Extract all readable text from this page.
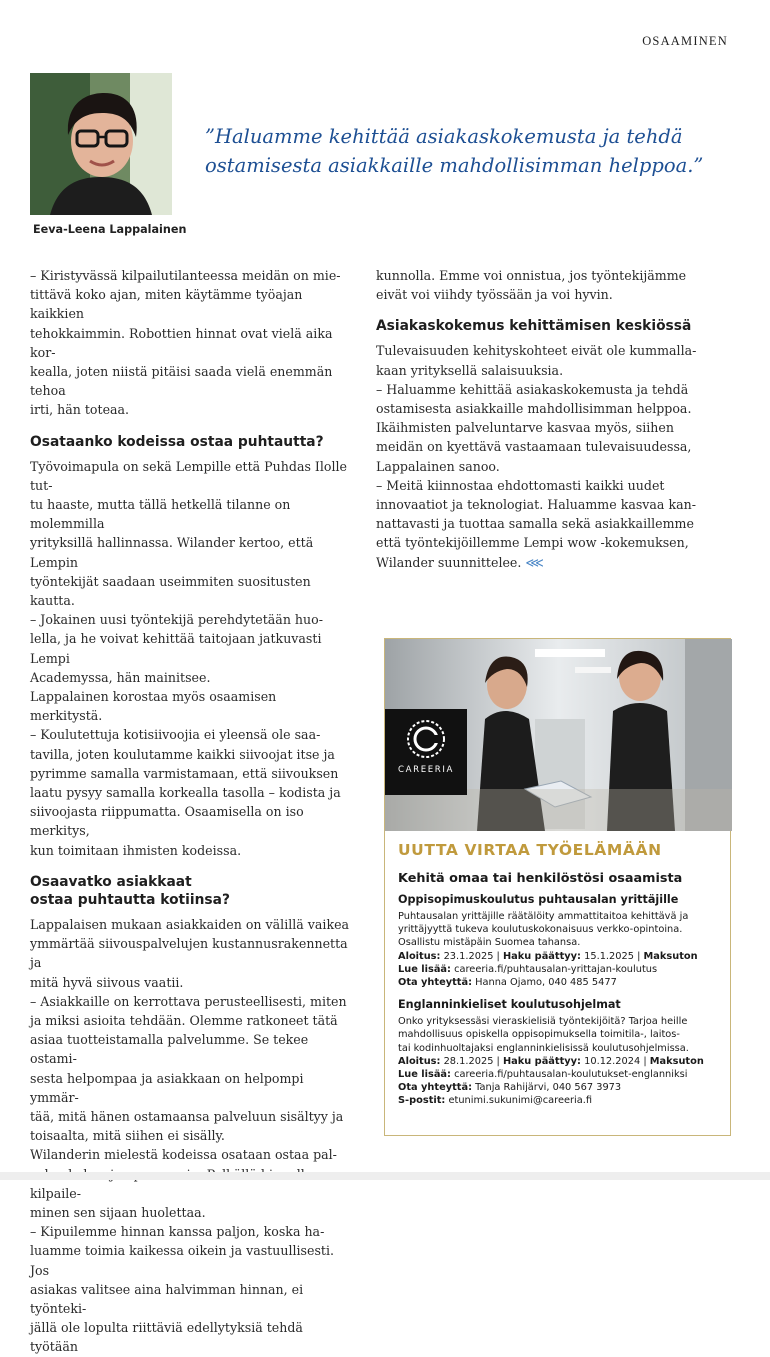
OSAAMINEN
Eeva-Leena Lappalainen
”Haluamme kehittää asiakaskokemusta ja tehdä
ostamisesta asiakkaille mahdollisimman helppoa.”

– Kiristyvässä kilpailutilanteessa meidän on mie-
tittävä koko ajan, miten käytämme työajan kaikkien
tehokkaimmin. Robottien hinnat ovat vielä aika kor-
kealla, joten niistä pitäisi saada vielä enemmän tehoa
irti, hän toteaa.

Osataanko kodeissa ostaa puhtautta?

Työvoimapula on sekä Lempille että Puhdas Ilolle tut-
tu haaste, mutta tällä hetkellä tilanne on molemmilla
yrityksillä hallinnassa. Wilander kertoo, että Lempin
työntekijät saadaan useimmiten suositusten kautta.

– Jokainen uusi työntekijä perehdytetään huo-
lella, ja he voivat kehittää taitojaan jatkuvasti Lempi
Academyssa, hän mainitsee.

Lappalainen korostaa myös osaamisen merkitystä.

– Koulutettuja kotisiivoojia ei yleensä ole saa-
tavilla, joten koulutamme kaikki siivoojat itse ja
pyrimme samalla varmistamaan, että siivouksen
laatu pysyy samalla korkealla tasolla – kodista ja
siivoojasta riippumatta. Osaamisella on iso merkitys,
kun toimitaan ihmisten kodeissa.

Osaavatko asiakkaat
ostaa puhtautta kotiinsa?

Lappalaisen mukaan asiakkaiden on välillä vaikea
ymmärtää siivouspalvelujen kustannusrakennetta ja
mitä hyvä siivous vaatii.

– Asiakkaille on kerrottava perusteellisesti, miten
ja miksi asioita tehdään. Olemme ratkoneet tätä
asiaa tuotteistamalla palvelumme. Se tekee ostami-
sesta helpompaa ja asiakkaan on helpompi ymmär-
tää, mitä hänen ostamaansa palveluun sisältyy ja
toisaalta, mitä siihen ei sisälly.

Wilanderin mielestä kodeissa osataan ostaa pal-
kilpaile-
minen sen sijaan huolettaa.

– Kipuilemme hinnan kanssa paljon, koska ha-
luamme toimia kaikessa oikein ja vastuullisesti. Jos
asiakas valitsee aina halvimman hinnan, ei työnteki-
jällä ole lopulta riittäviä edellytyksiä tehdä työtään

kunnolla. Emme voi onnistua, jos työntekijämme
eivät voi viihdy työssään ja voi hyvin.

Asiakaskokemus kehittämisen keskiössä

Tulevaisuuden kehityskohteet eivät ole kummalla-
kaan yrityksellä salaisuuksia.

– Haluamme kehittää asiakaskokemusta ja tehdä
ostamisesta asiakkaille mahdollisimman helppoa.
Ikäihmisten palveluntarve kasvaa myös, siihen
meidän on kyettävä vastaamaan tulevaisuudessa,
Lappalainen sanoo.

– Meitä kiinnostaa ehdottomasti kaikki uudet
innovaatiot ja teknologiat. Haluamme kasvaa kan-
nattavasti ja tuottaa samalla sekä asiakkaillemme
että työntekijöillemme Lempi wow -kokemuksen,
Wilander suunnittelee. ⋘

CAREERIA
UUTTA VIRTAA TYÖELÄMÄÄN
Kehitä omaa tai henkilöstösi osaamista
Oppisopimuskoulutus puhtausalan yrittäjille
Puhtausalan yrittäjille räätälöity ammattitaitoa kehittävä ja
yrittäjyyttä tukeva koulutuskokonaisuus verkko-opintoina.
Osallistu mistäpäin Suomea tahansa.
Aloitus: 23.1.2025 | Haku päättyy: 15.1.2025 | Maksuton
Lue lisää: careeria.fi/puhtausalan-yrittajan-koulutus
Ota yhteyttä: Hanna Ojamo, 040 485 5477
Englanninkieliset koulutusohjelmat
Onko yrityksessäsi vieraskielisiä työntekijöitä? Tarjoa heille
mahdollisuus opiskella oppisopimuksella toimitila-, laitos-
tai kodinhuoltajaksi englanninkielisissä koulutusohjelmissa.
Aloitus: 28.1.2025 | Haku päättyy: 10.12.2024 | Maksuton
Lue lisää: careeria.fi/puhtausalan-koulutukset-englanniksi
Ota yhteyttä: Tanja Rahijärvi, 040 567 3973
S-postit: etunimi.sukunimi@careeria.fi
